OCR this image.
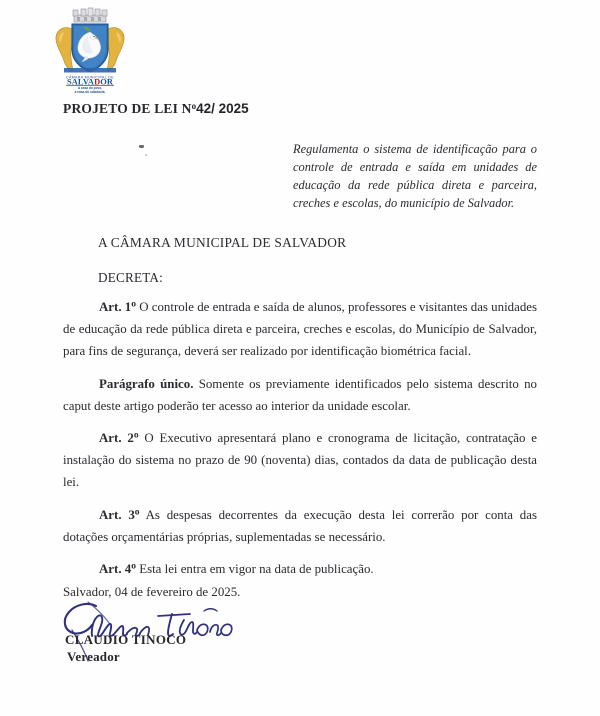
CÂMARA MUNICIPAL DE
SALVADOR
A casa do povo,
a casa da cidadania.
PROJETO DE LEI $N^o42/$ 2025
Regulamenta o sistema de identificação para o controle de entrada e saída em unidades de educação da rede pública direta e parceira, creches e escolas, do município de Salvador.
A CÂMARA MUNICIPAL DE SALVADOR
DECRETA:

Art. 1$^o$ O controle de entrada e saída de alunos, professores e visitantes das unidades de educação da rede pública direta e parceira, creches e escolas, do Município de Salvador, para fins de segurança, deverá ser realizado por identificação biométrica facial.

Parágrafo único. Somente os previamente identificados pelo sistema descrito no caput deste artigo poderão ter acesso ao interior da unidade escolar.

Art. 2$^o$ O Executivo apresentará plano e cronograma de licitação, contratação e instalação do sistema no prazo de 90 (noventa) dias, contados da data de publicação desta lei.

Art. 3$^o$ As despesas decorrentes da execução desta lei correrão por conta das dotações orçamentárias próprias, suplementadas se necessário.

Art. 4$^o$ Esta lei entra em vigor na data de publicação.

Salvador, 04 de fevereiro de 2025.
CLAUDIO TINOCO
Vereador
